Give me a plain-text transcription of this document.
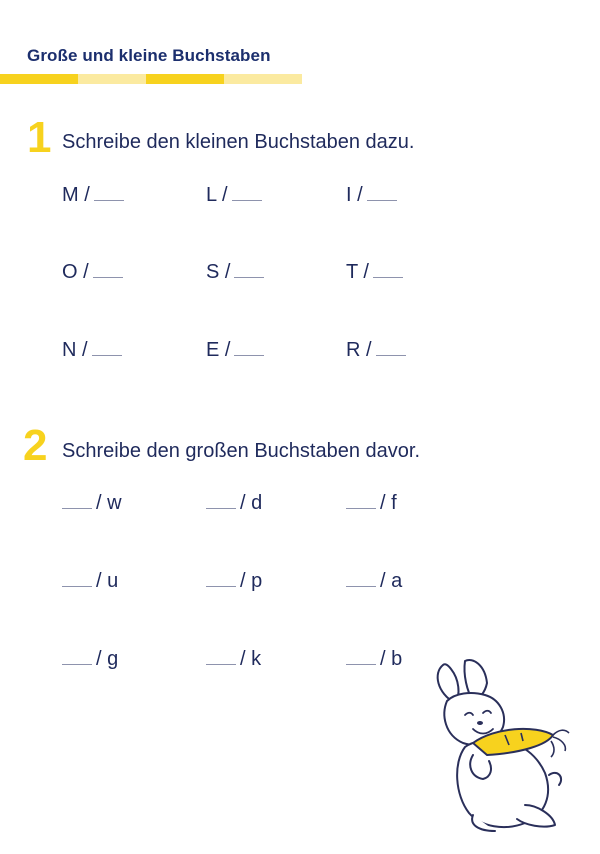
Große und kleine Buchstaben
1 Schreibe den kleinen Buchstaben dazu.
M /	L /	I /
O /	S /	T /
N /	E /	R /
2 Schreibe den großen Buchstaben davor.
/ w	/ d	/ f
/ u	/ p	/ a
/ g	/ k	/ b
